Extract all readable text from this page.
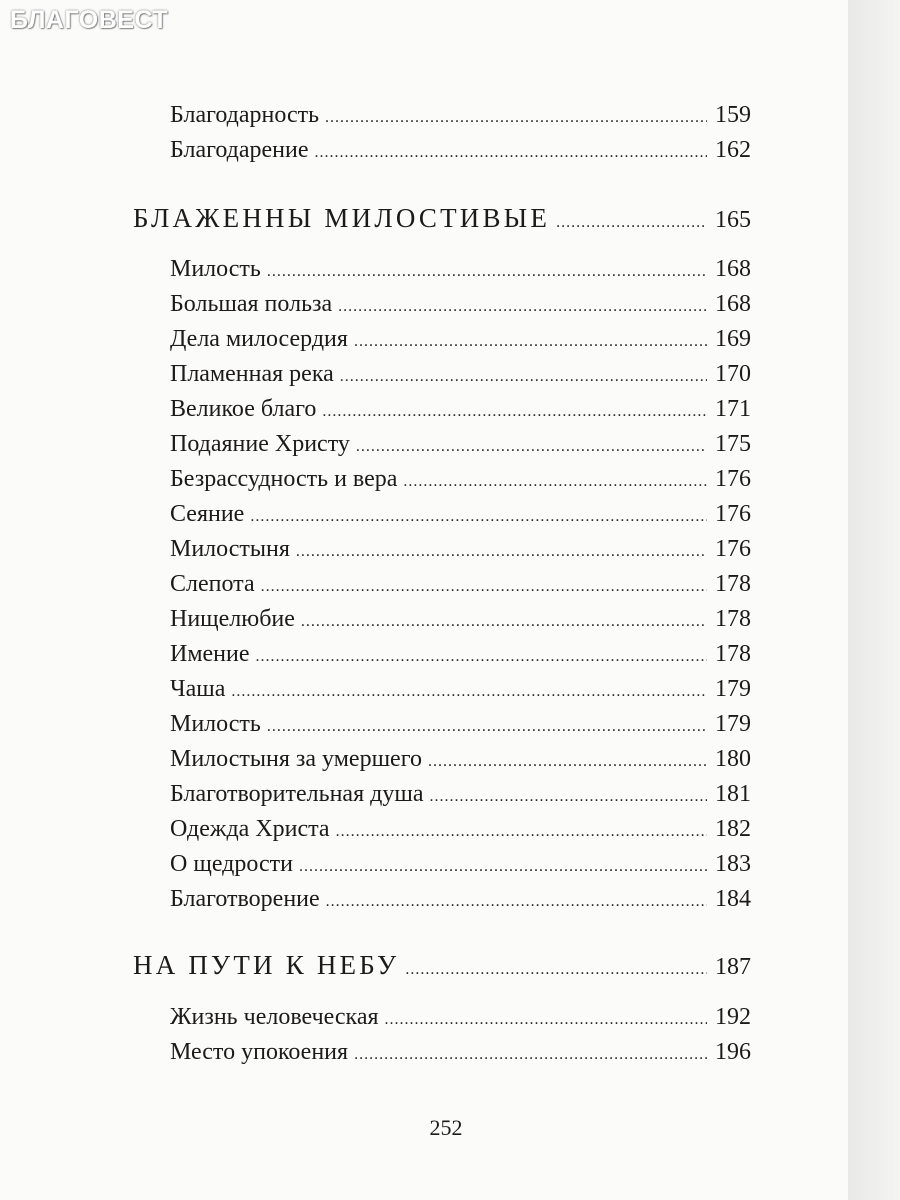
БЛАГОВЕСТ
Благодарность .....	159
Благодарение .....	162
БЛАЖЕННЫ МИЛОСТИВЫЕ .....	165
Милость .....	168
Большая польза .....	168
Дела милосердия .....	169
Пламенная река .....	170
Великое благо .....	171
Подаяние Христу .....	175
Безрассудность и вера .....	176
Сеяние .....	176
Милостыня .....	176
Слепота .....	178
Нищелюбие .....	178
Имение .....	178
Чаша .....	179
Милость .....	179
Милостыня за умершего .....	180
Благотворительная душа .....	181
Одежда Христа .....	182
О щедрости .....	183
Благотворение .....	184
НА ПУТИ К НЕБУ .....	187
Жизнь человеческая .....	192
Место упокоения .....	196
252
